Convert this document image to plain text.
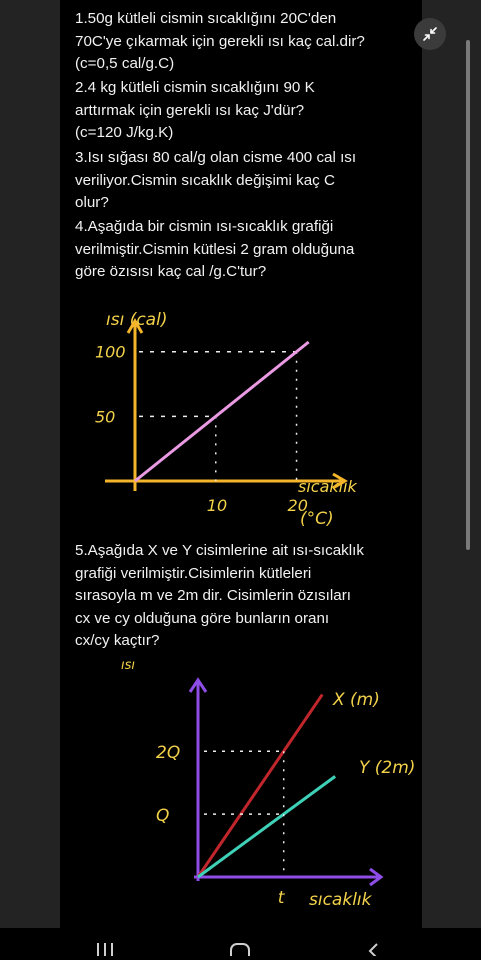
1.50g kütleli cismin sıcaklığını 20C'den
70C'ye çıkarmak için gerekli ısı kaç cal.dir?
(c=0,5 cal/g.C)

2.4 kg kütleli cismin sıcaklığını 90 K
arttırmak için gerekli ısı kaç J'dür?
(c=120 J/kg.K)

3.Isı sığası 80 cal/g olan cisme 400 cal ısı
veriliyor.Cismin sıcaklık değişimi kaç C
olur?

4.Aşağıda bir cismin ısı-sıcaklık grafiği
verilmiştir.Cismin kütlesi 2 gram olduğuna
göre özısısı kaç cal /g.C'tur?

ısı (cal)
sıcaklık
(°C)
50
100
10	20

5.Aşağıda X ve Y cisimlerine ait ısı-sıcaklık
grafiği verilmiştir.Cisimlerin kütleleri
sırasoyla m ve 2m dir. Cisimlerin özısıları
cx ve cy olduğuna göre bunların oranı
cx/cy kaçtır?

ısı
sıcaklık
X (m)
Y (2m)
Q
2Q
t
